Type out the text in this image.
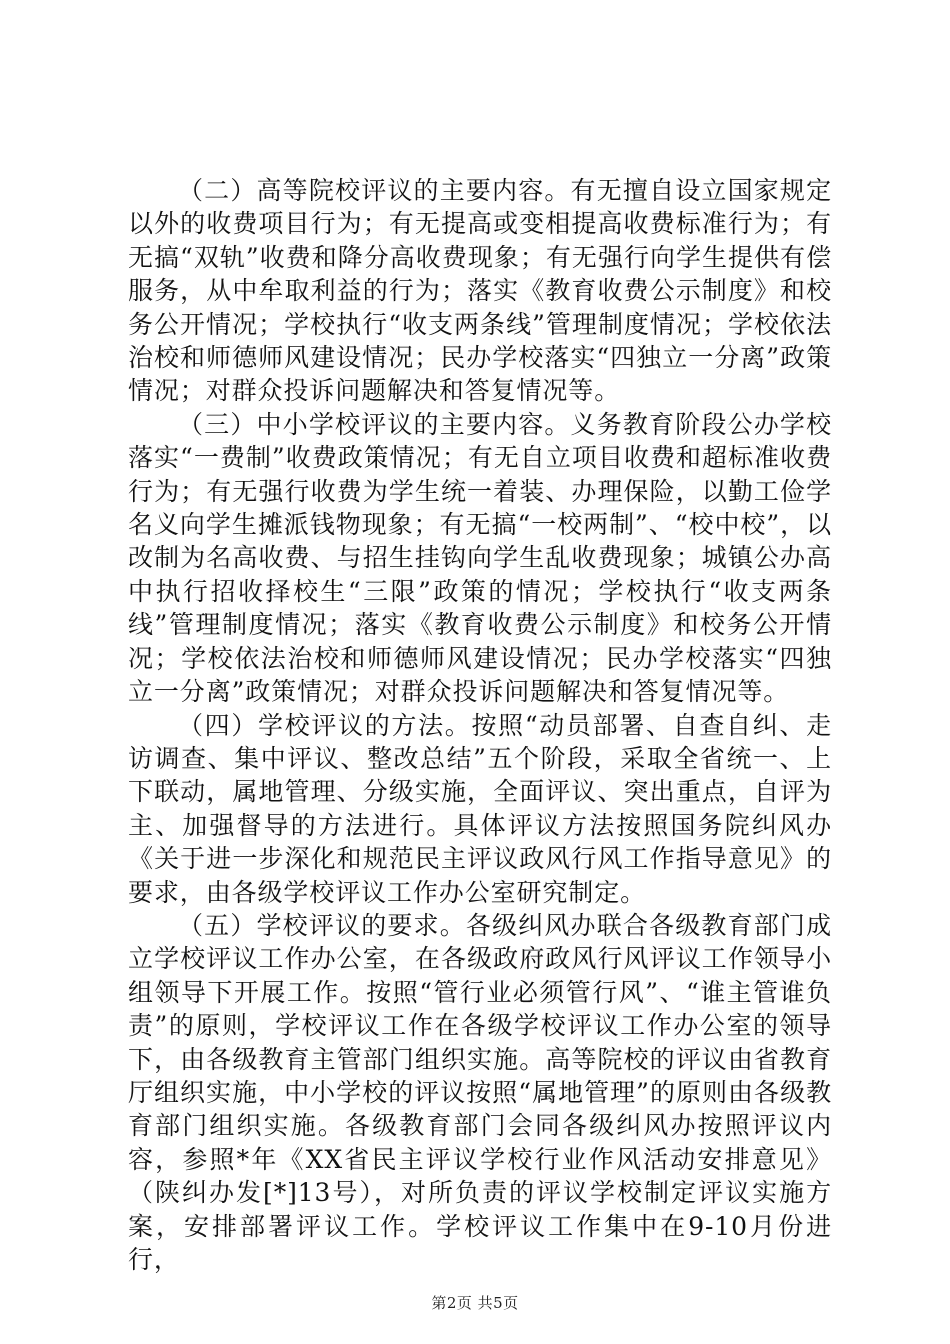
（二）高等院校评议的主要内容。有无擅自设立国家规定以外的收费项目行为；有无提高或变相提高收费标准行为；有无搞“双轨”收费和降分高收费现象；有无强行向学生提供有偿服务，从中牟取利益的行为；落实《教育收费公示制度》和校务公开情况；学校执行“收支两条线”管理制度情况；学校依法治校和师德师风建设情况；民办学校落实“四独立一分离”政策情况；对群众投诉问题解决和答复情况等。

（三）中小学校评议的主要内容。义务教育阶段公办学校落实“一费制”收费政策情况；有无自立项目收费和超标准收费行为；有无强行收费为学生统一着装、办理保险，以勤工俭学名义向学生摊派钱物现象；有无搞“一校两制”、“校中校”，以改制为名高收费、与招生挂钩向学生乱收费现象；城镇公办高中执行招收择校生“三限”政策的情况；学校执行“收支两条线”管理制度情况；落实《教育收费公示制度》和校务公开情况；学校依法治校和师德师风建设情况；民办学校落实“四独立一分离”政策情况；对群众投诉问题解决和答复情况等。

（四）学校评议的方法。按照“动员部署、自查自纠、走访调查、集中评议、整改总结”五个阶段，采取全省统一、上下联动，属地管理、分级实施，全面评议、突出重点，自评为主、加强督导的方法进行。具体评议方法按照国务院纠风办《关于进一步深化和规范民主评议政风行风工作指导意见》的要求，由各级学校评议工作办公室研究制定。

（五）学校评议的要求。各级纠风办联合各级教育部门成立学校评议工作办公室，在各级政府政风行风评议工作领导小组领导下开展工作。按照“管行业必须管行风”、“谁主管谁负责”的原则，学校评议工作在各级学校评议工作办公室的领导下，由各级教育主管部门组织实施。高等院校的评议由省教育厅组织实施，中小学校的评议按照“属地管理”的原则由各级教育部门组织实施。各级教育部门会同各级纠风办按照评议内容，参照*年《XX省民主评议学校行业作风活动安排意见》（陕纠办发[*]13号），对所负责的评议学校制定评议实施方案，安排部署评议工作。学校评议工作集中在9-10月份进行，

第2页 共5页
